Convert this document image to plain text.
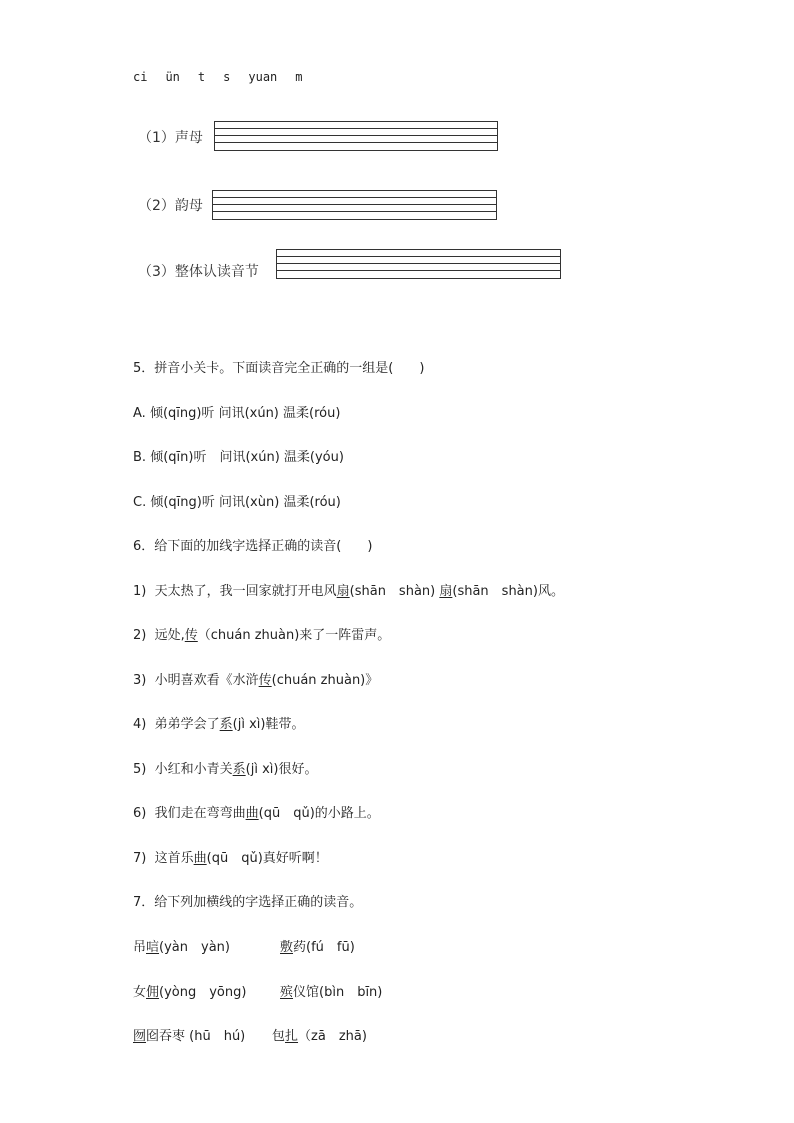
ci ün t s yuan m
（1）声母
（2）韵母
（3）整体认读音节
5．拼音小关卡。下面读音完全正确的一组是(　　)
A. 倾(qīng)听 问讯(xún) 温柔(róu)
B. 倾(qīn)听　问讯(xún) 温柔(yóu)
C. 倾(qīng)听 问讯(xùn) 温柔(róu)
6．给下面的加线字选择正确的读音(　　)
1) 天太热了，我一回家就打开电风扇(shān　shàn) 扇(shān　shàn)风。
2) 远处,传（chuán zhuàn)来了一阵雷声。
3) 小明喜欢看《水浒传(chuán zhuàn)》
4) 弟弟学会了系(jì xì)鞋带。
5) 小红和小青关系(jì xì)很好。
6) 我们走在弯弯曲曲(qū　qǔ)的小路上。
7) 这首乐曲(qū　qǔ)真好听啊！
7．给下列加横线的字选择正确的读音。
吊唁(yàn　yàn)	敷药(fú　fū)
女佣(yòng　yōng)	殡仪馆(bìn　bīn)
囫囵吞枣 (hū　hú) 包扎（zā　zhā)
